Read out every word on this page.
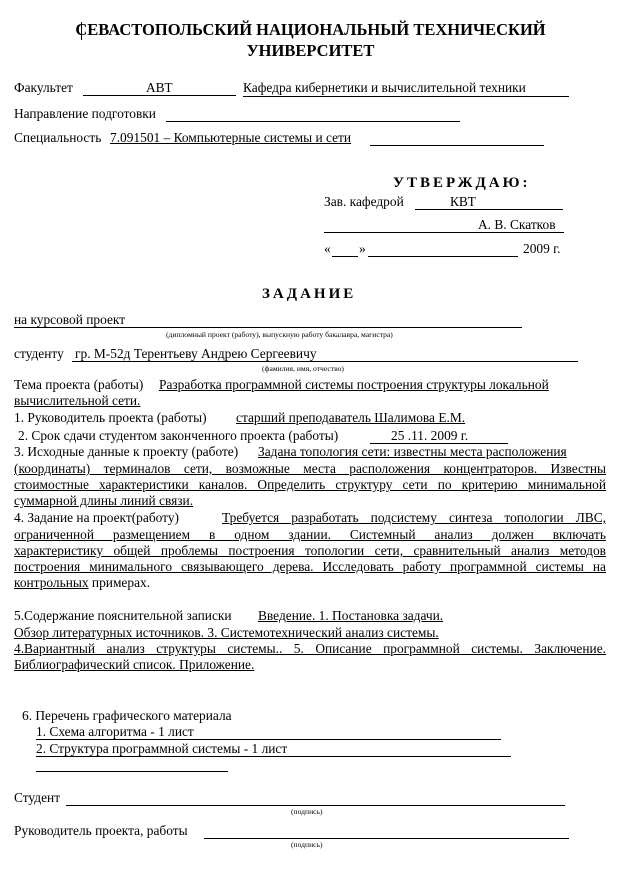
СЕВАСТОПОЛЬСКИЙ НАЦИОНАЛЬНЫЙ ТЕХНИЧЕСКИЙ
УНИВЕРСИТЕТ
Факультет	АВТ	Кафедра кибернетики и вычислительной техники
Направление подготовки
Специальность 7.091501 – Компьютерные системы и сети
УТВЕРЖДАЮ:
Зав. кафедрой	КВТ
А. В. Скатков
« »	2009 г.
ЗАДАНИЕ
на курсовой проект
(дипломный проект (работу), выпускную работу бакалавра, магистра)
студенту гр. М-52д Терентьеву Андрею Сергеевичу
(фамилия, имя, отчество)
Тема проекта (работы) Разработка программной системы построения структуры локальной
вычислительной сети.
1. Руководитель проекта (работы) старший преподаватель Шалимова Е.М.
2. Срок сдачи студентом законченного проекта (работы)	25 .11. 2009 г.
3. Исходные данные к проекту (работе) Задана топология сети: известны места расположения
(координаты) терминалов сети, возможные места расположения концентраторов. Известны
стоимостные характеристики каналов. Определить структуру сети по критерию минимальной
суммарной длины линий связи.
4. Задание на проект(работу)	Требуется разработать подсистему синтеза топологии ЛВС,
ограниченной размещением в одном здании. Системный анализ должен включать
характеристику общей проблемы построения топологии сети, сравнительный анализ методов
построения минимального связывающего дерева. Исследовать работу программной системы на
контрольных примерах.
5.Содержание пояснительной записки Введение. 1. Постановка задачи.
Обзор литературных источников. 3. Системотехнический анализ системы.
4.Вариантный анализ структуры системы.. 5. Описание программной системы. Заключение.
Библиографический список. Приложение.
6. Перечень графического материала
1. Схема алгоритма - 1 лист
2. Структура программной системы - 1 лист
Студент
(подпись)
Руководитель проекта, работы
(подпись)
